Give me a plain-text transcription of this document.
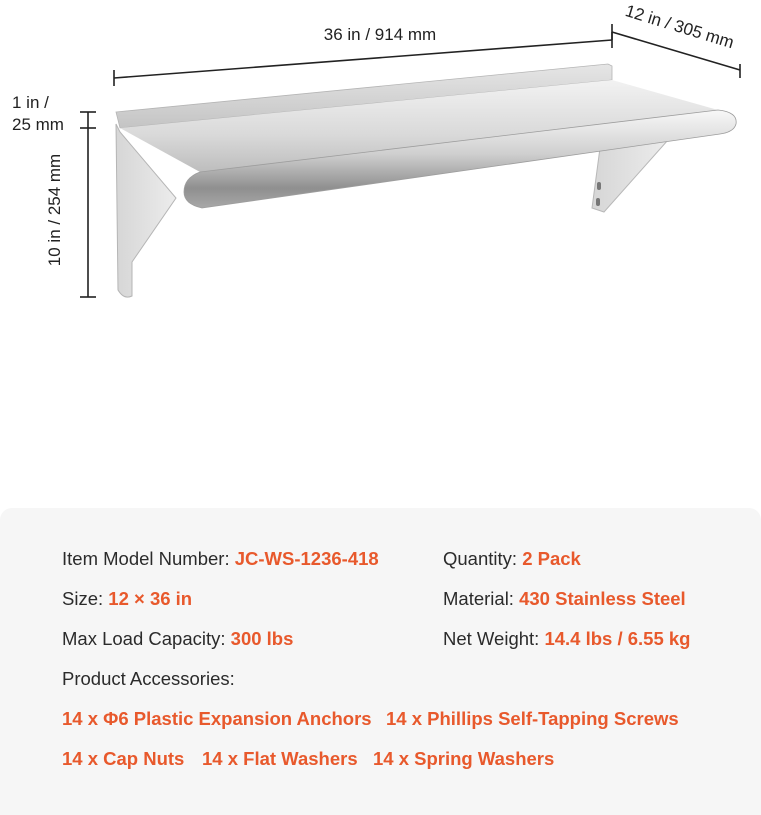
36 in / 914 mm	12 in / 305 mm
1 in /
25 mm
10 in / 254 mm
Item Model Number: JC-WS-1236-418	Quantity: 2 Pack
Size: 12 × 36 in	Material: 430 Stainless Steel
Max Load Capacity: 300 lbs	Net Weight: 14.4 lbs / 6.55 kg
Product Accessories:
14 x Φ6 Plastic Expansion Anchors 14 x Phillips Self-Tapping Screws
14 x Cap Nuts 14 x Flat Washers 14 x Spring Washers
